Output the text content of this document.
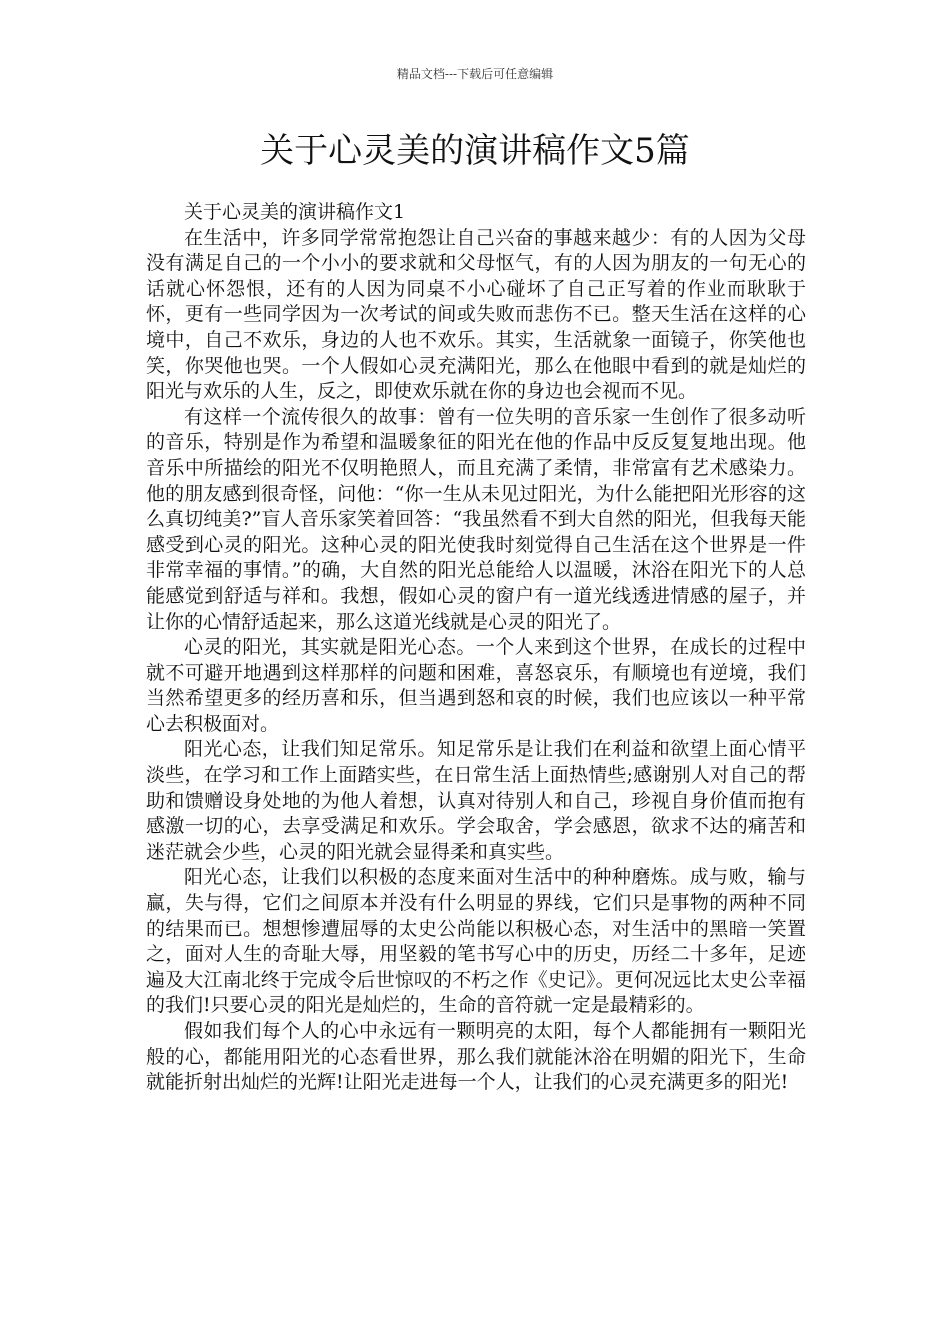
精品文档---下载后可任意编辑
关于心灵美的演讲稿作文5篇

关于心灵美的演讲稿作文1

在生活中，许多同学常常抱怨让自己兴奋的事越来越少：有的人因为父母没有满足自己的一个小小的要求就和父母怄气，有的人因为朋友的一句无心的话就心怀怨恨，还有的人因为同桌不小心碰坏了自己正写着的作业而耿耿于怀，更有一些同学因为一次考试的间或失败而悲伤不已。整天生活在这样的心境中，自己不欢乐，身边的人也不欢乐。其实，生活就象一面镜子，你笑他也笑，你哭他也哭。一个人假如心灵充满阳光，那么在他眼中看到的就是灿烂的阳光与欢乐的人生，反之，即使欢乐就在你的身边也会视而不见。

有这样一个流传很久的故事：曾有一位失明的音乐家一生创作了很多动听的音乐，特别是作为希望和温暖象征的阳光在他的作品中反反复复地出现。他音乐中所描绘的阳光不仅明艳照人，而且充满了柔情，非常富有艺术感染力。他的朋友感到很奇怪，问他：“你一生从未见过阳光，为什么能把阳光形容的这么真切纯美?”盲人音乐家笑着回答：“我虽然看不到大自然的阳光，但我每天能感受到心灵的阳光。这种心灵的阳光使我时刻觉得自己生活在这个世界是一件非常幸福的事情。”的确，大自然的阳光总能给人以温暖，沐浴在阳光下的人总能感觉到舒适与祥和。我想，假如心灵的窗户有一道光线透进情感的屋子，并让你的心情舒适起来，那么这道光线就是心灵的阳光了。

心灵的阳光，其实就是阳光心态。一个人来到这个世界，在成长的过程中就不可避开地遇到这样那样的问题和困难，喜怒哀乐，有顺境也有逆境，我们当然希望更多的经历喜和乐，但当遇到怒和哀的时候，我们也应该以一种平常心去积极面对。

阳光心态，让我们知足常乐。知足常乐是让我们在利益和欲望上面心情平淡些，在学习和工作上面踏实些，在日常生活上面热情些;感谢别人对自己的帮助和馈赠设身处地的为他人着想，认真对待别人和自己，珍视自身价值而抱有感激一切的心，去享受满足和欢乐。学会取舍，学会感恩，欲求不达的痛苦和迷茫就会少些，心灵的阳光就会显得柔和真实些。

阳光心态，让我们以积极的态度来面对生活中的种种磨炼。成与败，输与赢，失与得，它们之间原本并没有什么明显的界线，它们只是事物的两种不同的结果而已。想想惨遭屈辱的太史公尚能以积极心态，对生活中的黑暗一笑置之，面对人生的奇耻大辱，用坚毅的笔书写心中的历史，历经二十多年，足迹遍及大江南北终于完成令后世惊叹的不朽之作《史记》。更何况远比太史公幸福的我们!只要心灵的阳光是灿烂的，生命的音符就一定是最精彩的。

假如我们每个人的心中永远有一颗明亮的太阳，每个人都能拥有一颗阳光般的心，都能用阳光的心态看世界，那么我们就能沐浴在明媚的阳光下，生命就能折射出灿烂的光辉!让阳光走进每一个人，让我们的心灵充满更多的阳光!
